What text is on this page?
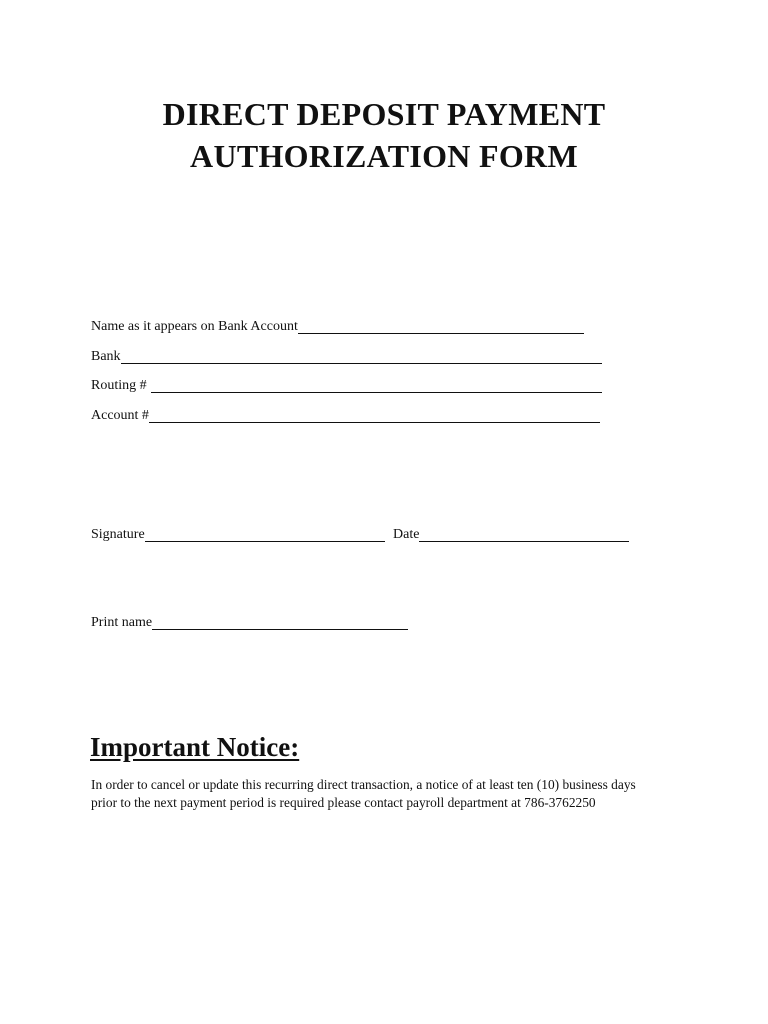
DIRECT DEPOSIT PAYMENT
AUTHORIZATION FORM
Name as it appears on Bank Account
Bank
Routing #
Account #
Signature	Date
Print name
Important Notice:

In order to cancel or update this recurring direct transaction, a notice of at least ten (10) business days
prior to the next payment period is required please contact payroll department at 786-3762250
